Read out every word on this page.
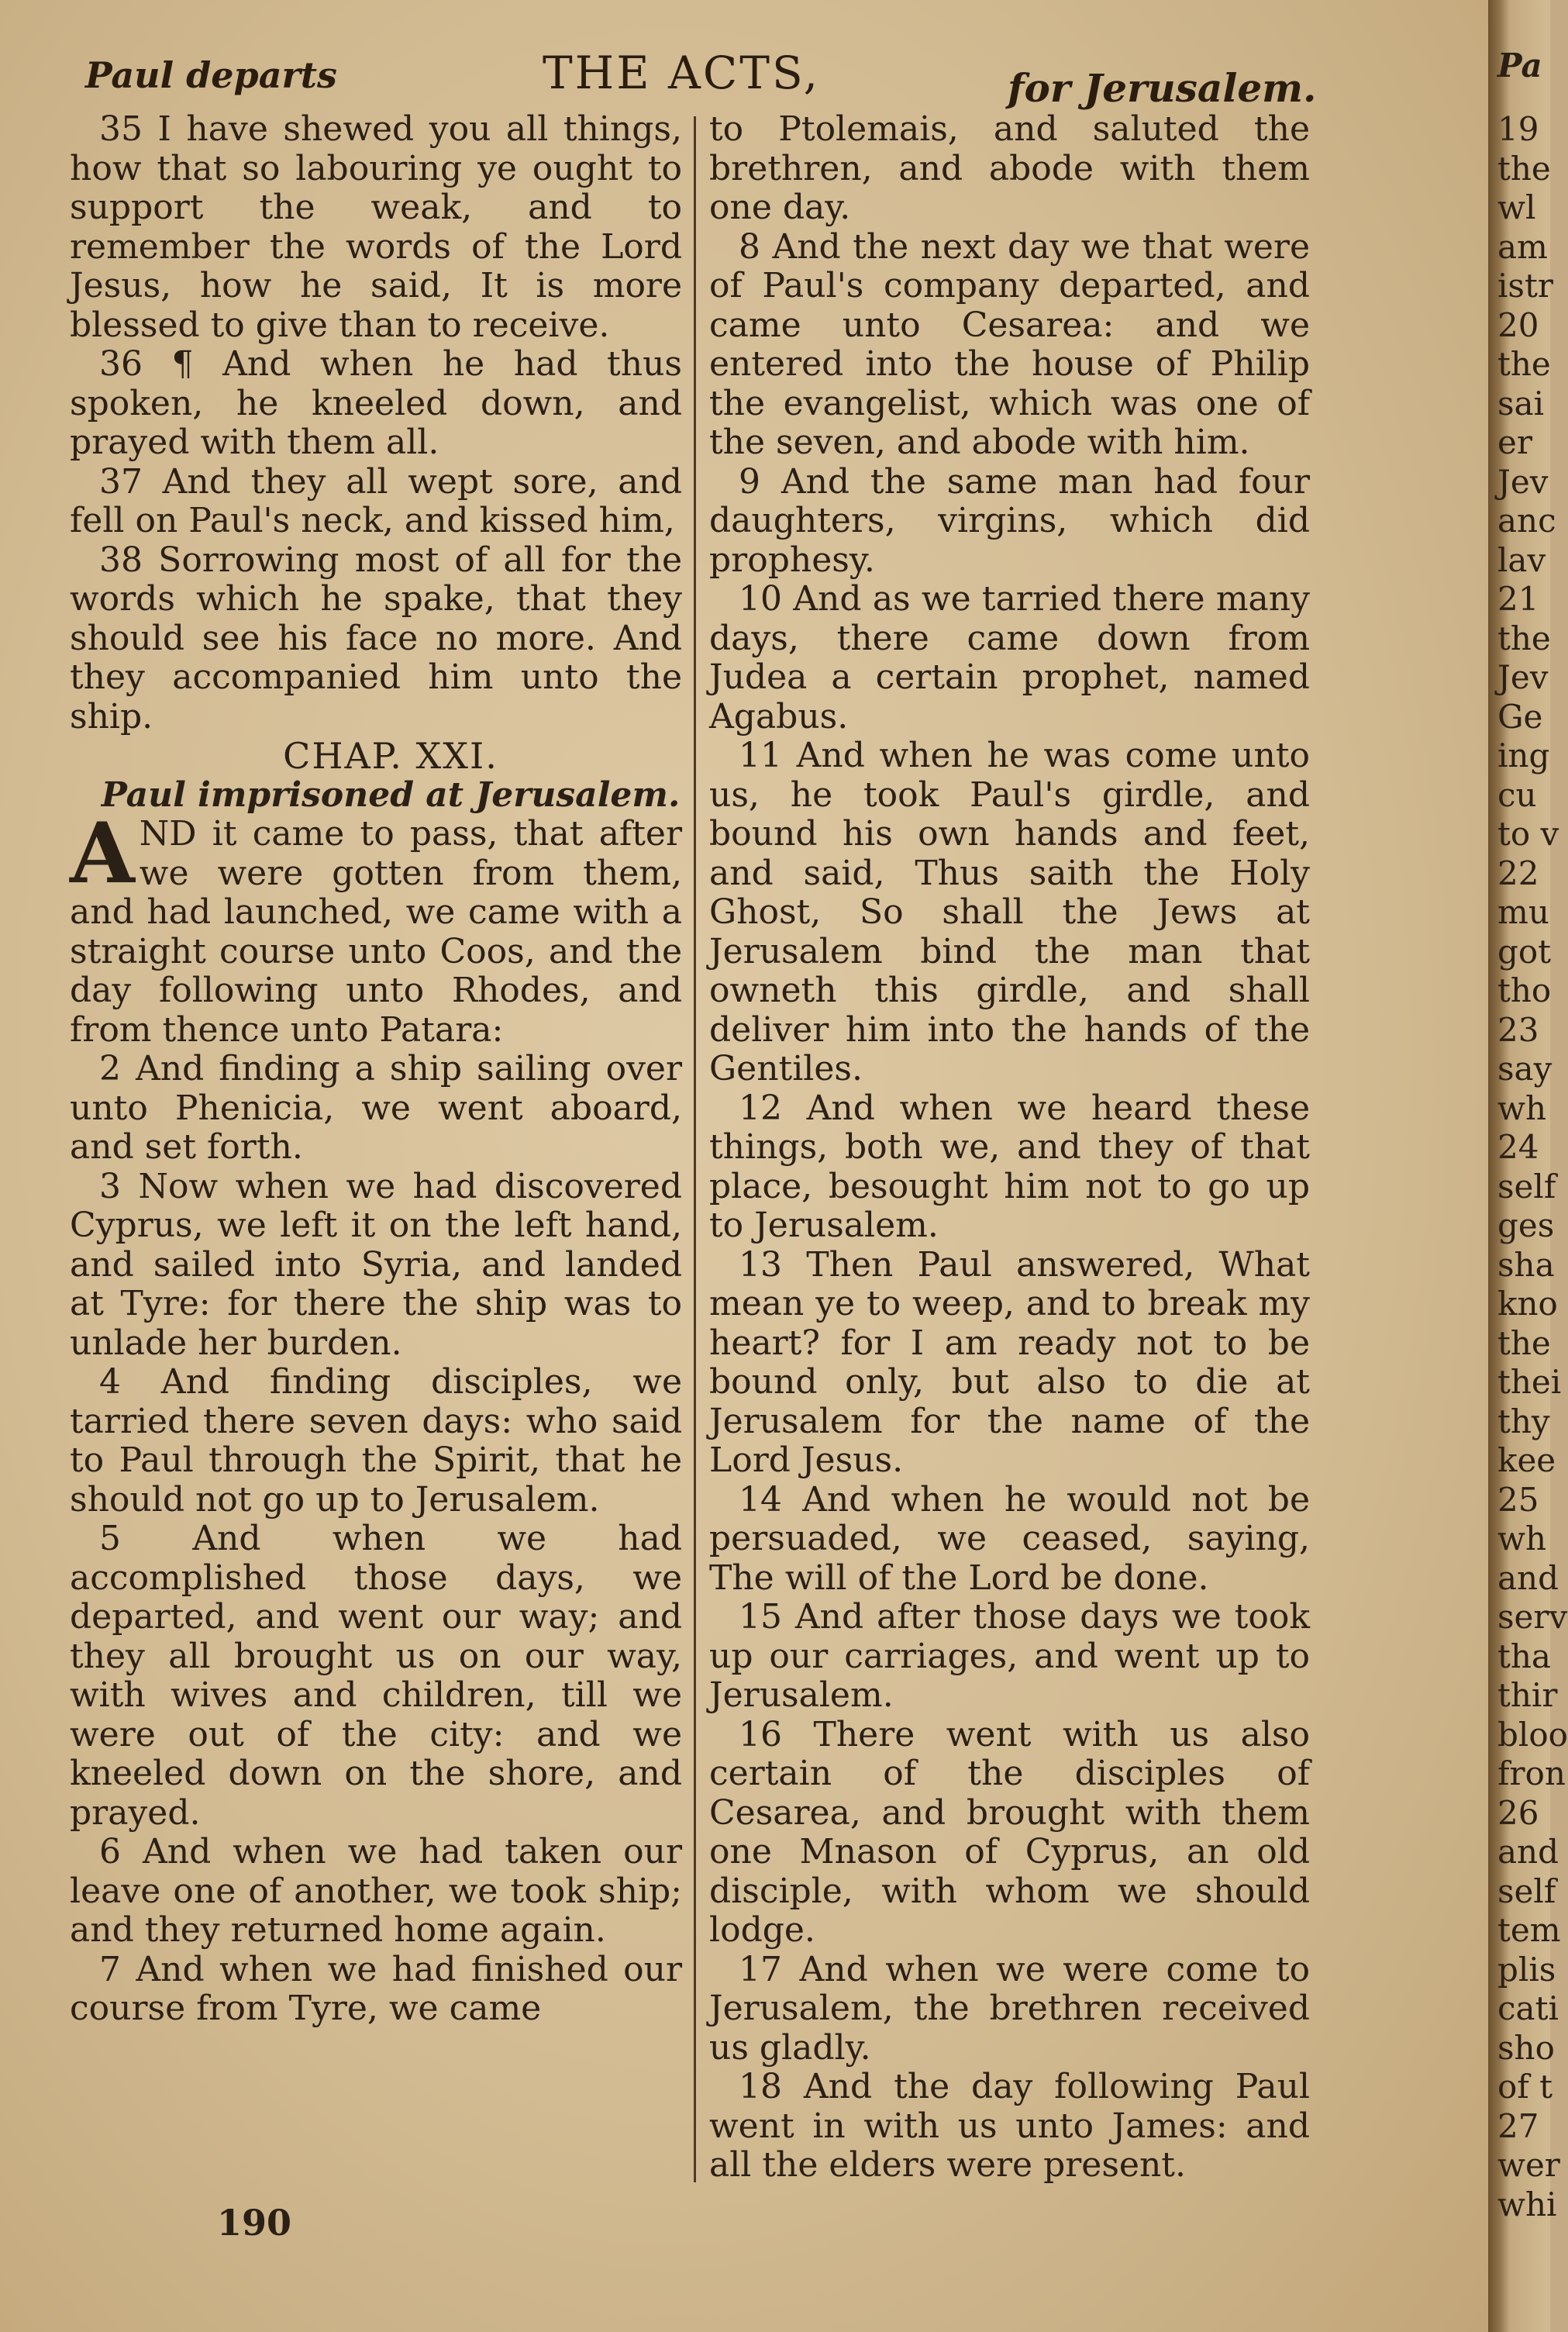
Paul departs	THE ACTS,	for Jerusalem.

35 I have shewed you all things, how that so labouring ye ought to support the weak, and to remember the words of the Lord Jesus, how he said, It is more blessed to give than to receive.

36 ¶ And when he had thus spoken, he kneeled down, and prayed with them all.

37 And they all wept sore, and fell on Paul's neck, and kissed him,

38 Sorrowing most of all for the words which he spake, that they should see his face no more. And they accompanied him unto the ship.

CHAP. XXI.

Paul imprisoned at Jerusalem.

AND it came to pass, that after we were gotten from them, and had launched, we came with a straight course unto Coos, and the day following unto Rhodes, and from thence unto Patara:

2 And finding a ship sailing over unto Phenicia, we went aboard, and set forth.

3 Now when we had discovered Cyprus, we left it on the left hand, and sailed into Syria, and landed at Tyre: for there the ship was to unlade her burden.

4 And finding disciples, we tarried there seven days: who said to Paul through the Spirit, that he should not go up to Jerusalem.

5 And when we had accomplished those days, we departed, and went our way; and they all brought us on our way, with wives and children, till we were out of the city: and we kneeled down on the shore, and prayed.

6 And when we had taken our leave one of another, we took ship; and they returned home again.

7 And when we had finished our course from Tyre, we came

to Ptolemais, and saluted the brethren, and abode with them one day.

8 And the next day we that were of Paul's company departed, and came unto Cesarea: and we entered into the house of Philip the evangelist, which was one of the seven, and abode with him.

9 And the same man had four daughters, virgins, which did prophesy.

10 And as we tarried there many days, there came down from Judea a certain prophet, named Agabus.

11 And when he was come unto us, he took Paul's girdle, and bound his own hands and feet, and said, Thus saith the Holy Ghost, So shall the Jews at Jerusalem bind the man that owneth this girdle, and shall deliver him into the hands of the Gentiles.

12 And when we heard these things, both we, and they of that place, besought him not to go up to Jerusalem.

13 Then Paul answered, What mean ye to weep, and to break my heart? for I am ready not to be bound only, but also to die at Jerusalem for the name of the Lord Jesus.

14 And when he would not be persuaded, we ceased, saying, The will of the Lord be done.

15 And after those days we took up our carriages, and went up to Jerusalem.

16 There went with us also certain of the disciples of Cesarea, and brought with them one Mnason of Cyprus, an old disciple, with whom we should lodge.

17 And when we were come to Jerusalem, the brethren received us gladly.

18 And the day following Paul went in with us unto James: and all the elders were present.

190
Pa
19
the
wl
am
istr
20
the
sai
er
Jev
anc
lav
21
the
Jev
Ge
ing
cu
to v
22
mu
got
tho
23
say
wh
24
self
ges
sha
kno
the
thei
thy
kee
25
wh
and
serv
tha
thir
bloo
fron
26
and
self
tem
plis
cati
sho
of t
27
wer
whi
